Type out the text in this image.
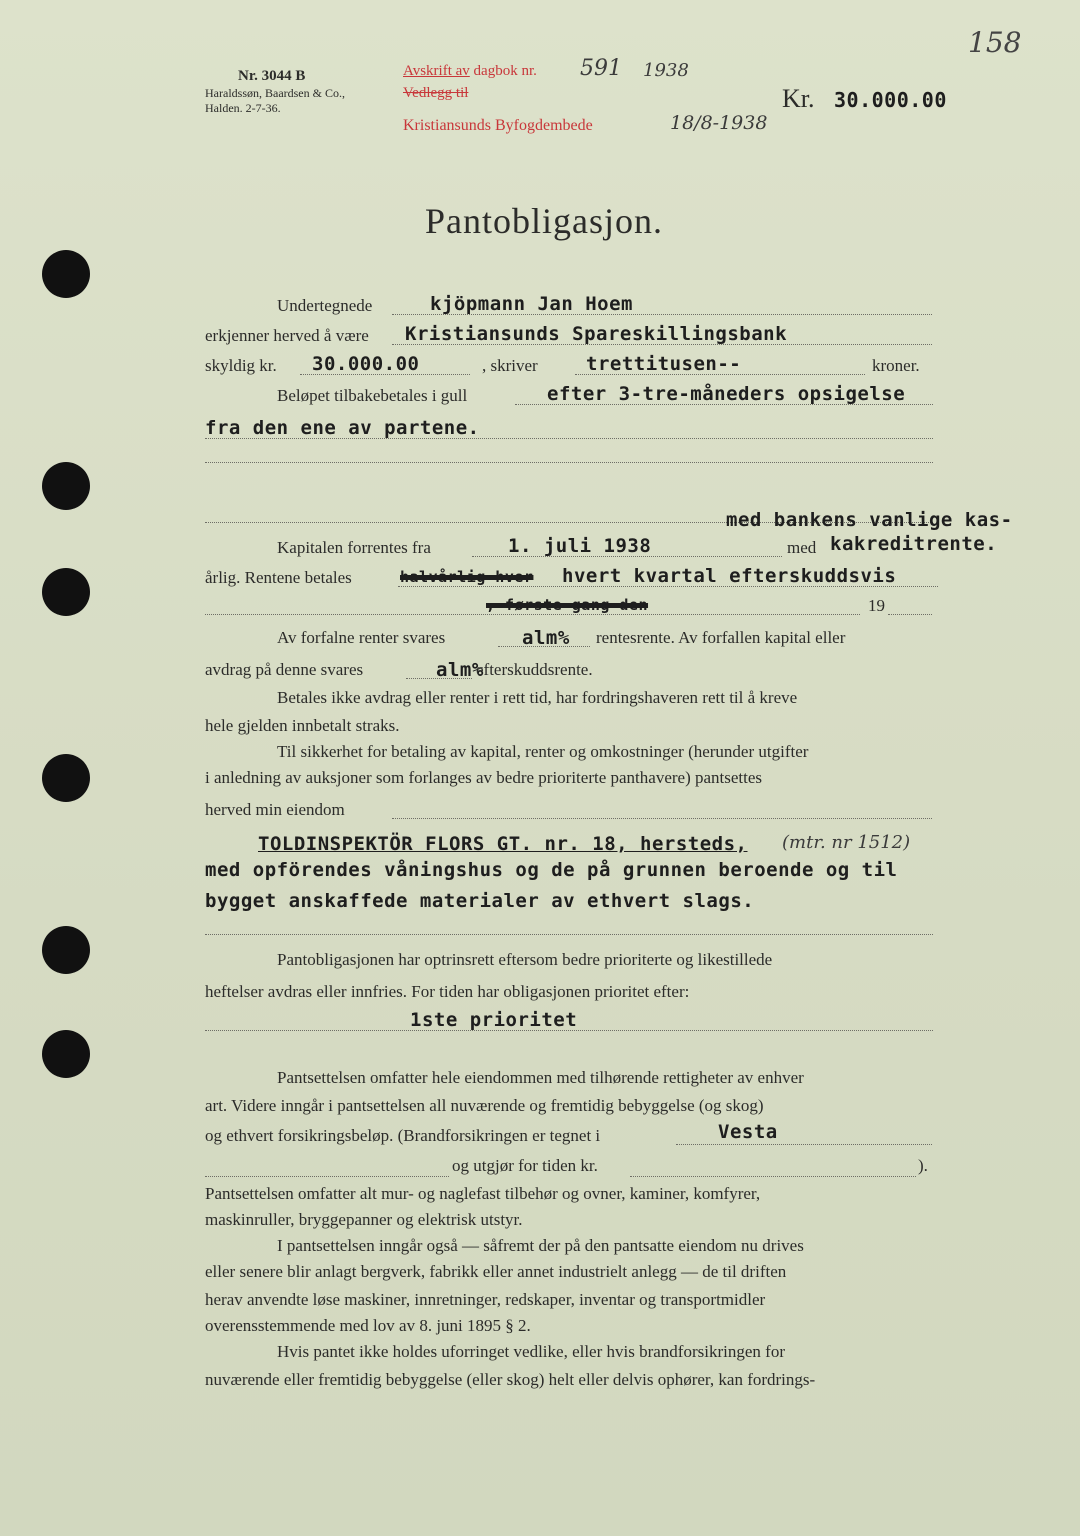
Nr. 3044 B
Haraldssøn, Baardsen & Co.,
Halden. 2-7-36.
Avskrift av dagbok nr. 591 1938
Vedlegg til
Kristiansunds Byfogdembede	18/8-1938
Kr. 30.000.00
158
Pantobligasjon.
Undertegnede	kjöpmann Jan Hoem
erkjenner herved å være Kristiansunds Spareskillingsbank
skyldig kr. 30.000.00	, skriver	trettitusen--	kroner.
Beløpet tilbakebetales i gull	efter 3-tre-måneders opsigelse
fra den ene av partene.
med bankens vanlige kas-
Kapitalen forrentes fra	1. juli 1938	med kakreditrente.
årlig. Rentene betales	halvårlig hver hvert kvartal efterskuddsvis
, første gang den	19
Av forfalne renter svares	alm% rentesrente. Av forfallen kapital eller
avdrag på denne svares	alm%
efterskuddsrente.
Betales ikke avdrag eller renter i rett tid, har fordringshaveren rett til å kreve
hele gjelden innbetalt straks.
Til sikkerhet for betaling av kapital, renter og omkostninger (herunder utgifter
i anledning av auksjoner som forlanges av bedre prioriterte panthavere) pantsettes
herved min eiendom
TOLDINSPEKTÖR FLORS GT. nr. 18, hersteds, (mtr. nr 1512)
med opförendes våningshus og de på grunnen beroende og til
bygget anskaffede materialer av ethvert slags.
Pantobligasjonen har optrinsrett eftersom bedre prioriterte og likestillede
heftelser avdras eller innfries. For tiden har obligasjonen prioritet efter:
1ste prioritet
Pantsettelsen omfatter hele eiendommen med tilhørende rettigheter av enhver
art. Videre inngår i pantsettelsen all nuværende og fremtidig bebyggelse (og skog)
og ethvert forsikringsbeløp. (Brandforsikringen er tegnet i	Vesta
og utgjør for tiden kr.	).
Pantsettelsen omfatter alt mur- og naglefast tilbehør og ovner, kaminer, komfyrer,
maskinruller, bryggepanner og elektrisk utstyr.
I pantsettelsen inngår også — såfremt der på den pantsatte eiendom nu drives
eller senere blir anlagt bergverk, fabrikk eller annet industrielt anlegg — de til driften
herav anvendte løse maskiner, innretninger, redskaper, inventar og transportmidler
overensstemmende med lov av 8. juni 1895 § 2.
Hvis pantet ikke holdes uforringet vedlike, eller hvis brandforsikringen for
nuværende eller fremtidig bebyggelse (eller skog) helt eller delvis ophører, kan fordrings-
